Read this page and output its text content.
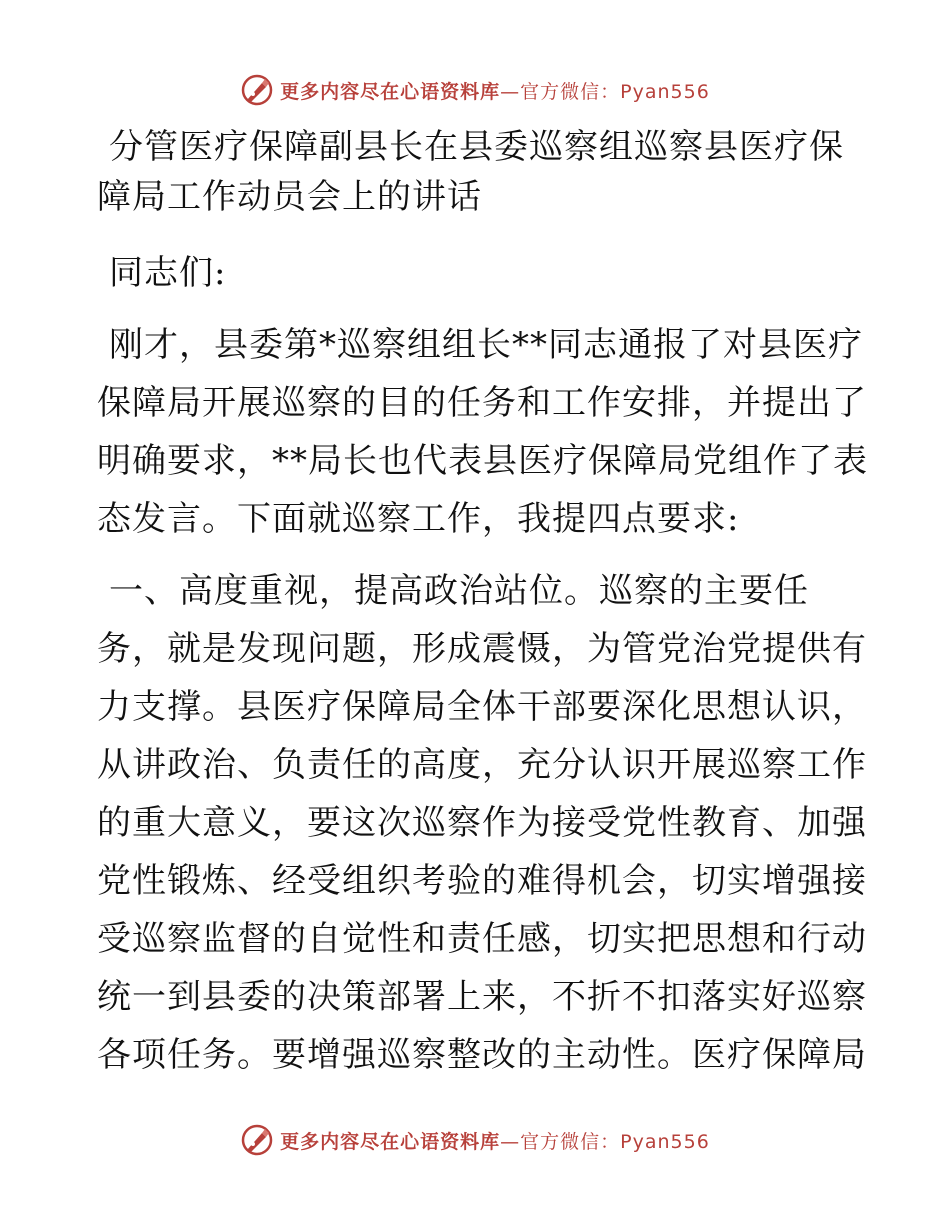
更多内容尽在心语资料库—官方微信：Pyan556
分管医疗保障副县长在县委巡察组巡察县医疗保
障局工作动员会上的讲话

同志们:

刚才，县委第*巡察组组长**同志通报了对县医疗
保障局开展巡察的目的任务和工作安排，并提出了
明确要求，**局长也代表县医疗保障局党组作了表
态发言。下面就巡察工作，我提四点要求:

一、高度重视，提高政治站位。巡察的主要任
务，就是发现问题，形成震慑，为管党治党提供有
力支撑。县医疗保障局全体干部要深化思想认识，
从讲政治、负责任的高度，充分认识开展巡察工作
的重大意义，要这次巡察作为接受党性教育、加强
党性锻炼、经受组织考验的难得机会，切实增强接
受巡察监督的自觉性和责任感，切实把思想和行动
统一到县委的决策部署上来，不折不扣落实好巡察
各项任务。要增强巡察整改的主动性。医疗保障局

更多内容尽在心语资料库—官方微信：Pyan556
